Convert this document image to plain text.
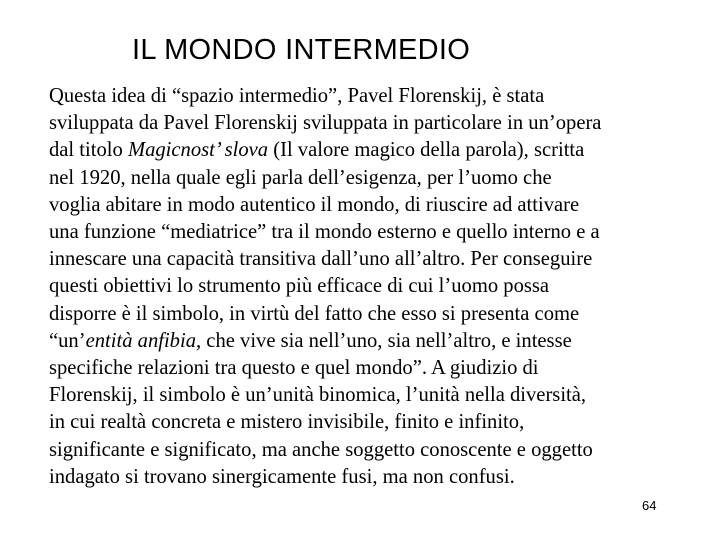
IL MONDO INTERMEDIO
Questa idea di “spazio intermedio”, Pavel Florenskij, è stata
sviluppata da Pavel Florenskij sviluppata in particolare in un’opera
dal titolo Magicnost’ slova (Il valore magico della parola), scritta
nel 1920, nella quale egli parla dell’esigenza, per l’uomo che
voglia abitare in modo autentico il mondo, di riuscire ad attivare
una funzione “mediatrice” tra il mondo esterno e quello interno e a
innescare una capacità transitiva dall’uno all’altro. Per conseguire
questi obiettivi lo strumento più efficace di cui l’uomo possa
disporre è il simbolo, in virtù del fatto che esso si presenta come
“un’entità anfibia, che vive sia nell’uno, sia nell’altro, e intesse
specifiche relazioni tra questo e quel mondo”. A giudizio di
Florenskij, il simbolo è un’unità binomica, l’unità nella diversità,
in cui realtà concreta e mistero invisibile, finito e infinito,
significante e significato, ma anche soggetto conoscente e oggetto
indagato si trovano sinergicamente fusi, ma non confusi.
64
